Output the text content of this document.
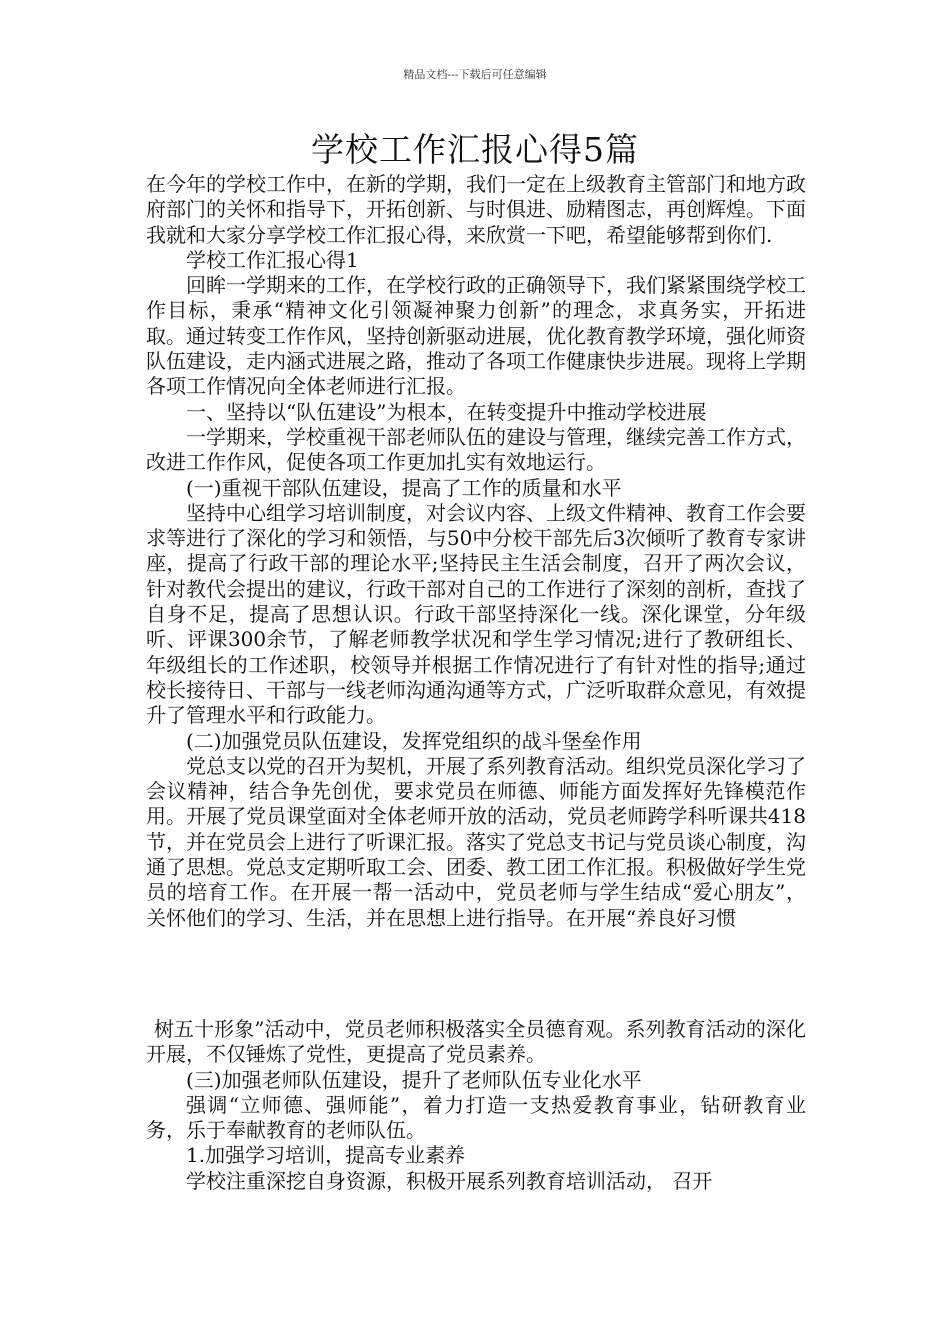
精品文档---下载后可任意编辑
学校工作汇报心得5篇

在今年的学校工作中，在新的学期，我们一定在上级教育主管部门和地方政府部门的关怀和指导下，开拓创新、与时俱进、励精图志，再创辉煌。下面我就和大家分享学校工作汇报心得，来欣赏一下吧，希望能够帮到你们.

学校工作汇报心得1

回眸一学期来的工作，在学校行政的正确领导下，我们紧紧围绕学校工作目标，秉承“精神文化引领凝神聚力创新”的理念，求真务实，开拓进取。通过转变工作作风，坚持创新驱动进展，优化教育教学环境，强化师资队伍建设，走内涵式进展之路，推动了各项工作健康快步进展。现将上学期各项工作情况向全体老师进行汇报。

一、坚持以“队伍建设”为根本，在转变提升中推动学校进展

一学期来，学校重视干部老师队伍的建设与管理，继续完善工作方式，改进工作作风，促使各项工作更加扎实有效地运行。

(一)重视干部队伍建设，提高了工作的质量和水平

坚持中心组学习培训制度，对会议内容、上级文件精神、教育工作会要求等进行了深化的学习和领悟，与50中分校干部先后3次倾听了教育专家讲座，提高了行政干部的理论水平;坚持民主生活会制度，召开了两次会议，针对教代会提出的建议，行政干部对自己的工作进行了深刻的剖析，查找了自身不足，提高了思想认识。行政干部坚持深化一线。深化课堂，分年级听、评课300余节，了解老师教学状况和学生学习情况;进行了教研组长、年级组长的工作述职，校领导并根据工作情况进行了有针对性的指导;通过校长接待日、干部与一线老师沟通沟通等方式，广泛听取群众意见，有效提升了管理水平和行政能力。

(二)加强党员队伍建设，发挥党组织的战斗堡垒作用

党总支以党的召开为契机，开展了系列教育活动。组织党员深化学习了会议精神，结合争先创优，要求党员在师德、师能方面发挥好先锋模范作用。开展了党员课堂面对全体老师开放的活动，党员老师跨学科听课共418节，并在党员会上进行了听课汇报。落实了党总支书记与党员谈心制度，沟通了思想。党总支定期听取工会、团委、教工团工作汇报。积极做好学生党员的培育工作。在开展一帮一活动中，党员老师与学生结成“爱心朋友”，关怀他们的学习、生活，并在思想上进行指导。在开展“养良好习惯

树五十形象”活动中，党员老师积极落实全员德育观。系列教育活动的深化开展，不仅锤炼了党性，更提高了党员素养。

(三)加强老师队伍建设，提升了老师队伍专业化水平

强调“立师德、强师能”，着力打造一支热爱教育事业，钻研教育业务，乐于奉献教育的老师队伍。

1.加强学习培训，提高专业素养

学校注重深挖自身资源，积极开展系列教育培训活动， 召开
